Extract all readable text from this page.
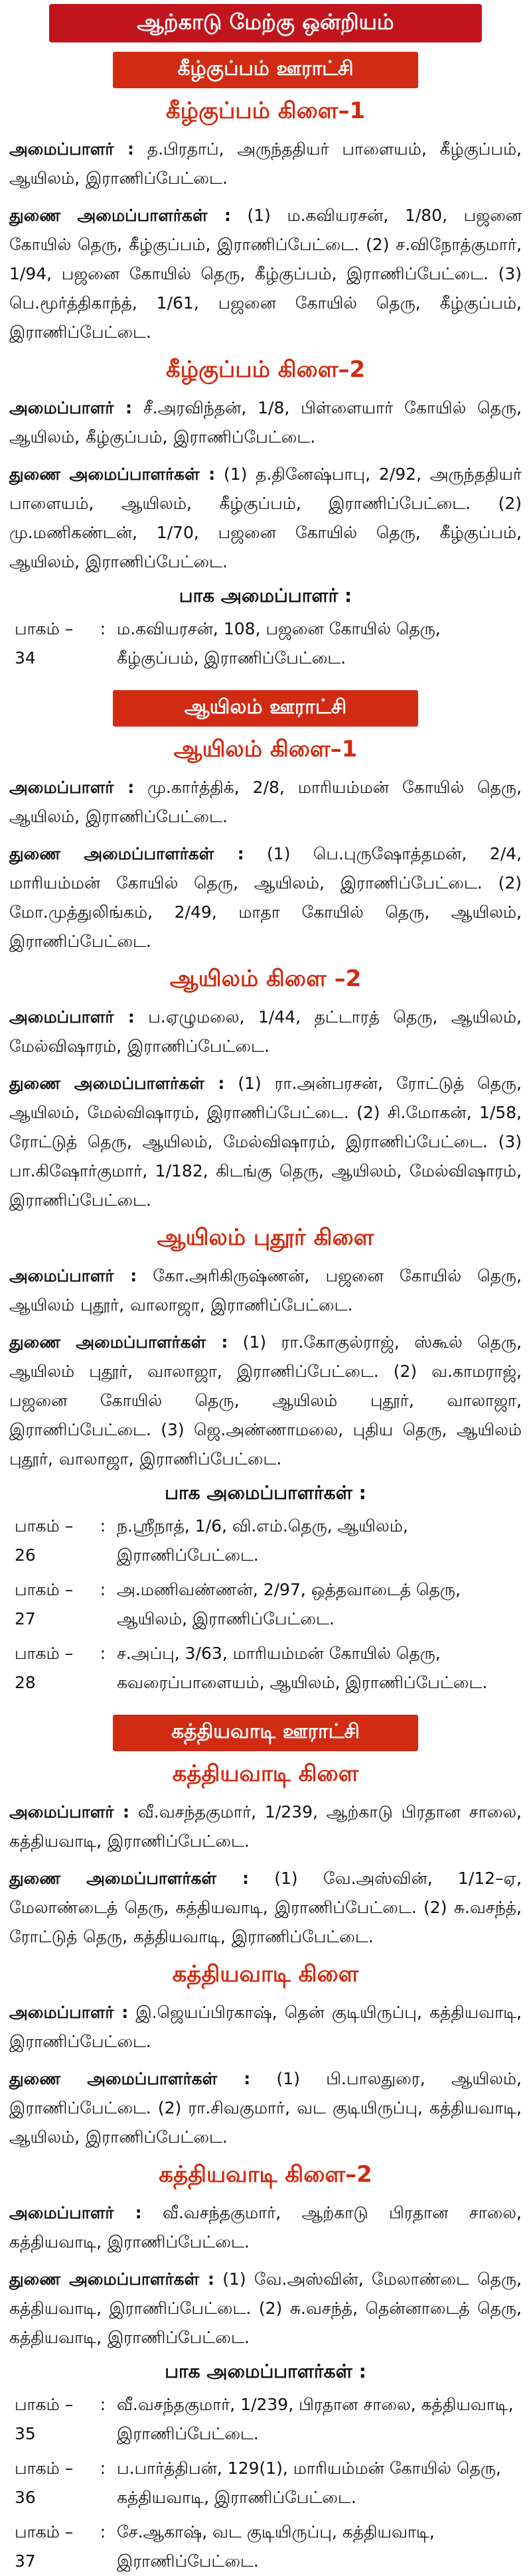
ஆற்காடு மேற்கு ஒன்றியம்
கீழ்குப்பம் ஊராட்சி
கீழ்குப்பம் கிளை–1
அமைப்பாளர் : த.பிரதாப், அருந்ததியர் பாளையம், கீழ்குப்பம், ஆயிலம், இராணிப்பேட்டை.
துணை அமைப்பாளர்கள் : (1) ம.கவியரசன், 1/80, பஜனை கோயில் தெரு, கீழ்குப்பம், இராணிப்பேட்டை. (2) ச.விநோத்குமார், 1/94, பஜனை கோயில் தெரு, கீழ்குப்பம், இராணிப்பேட்டை. (3) பெ.மூர்த்திகாந்த், 1/61, பஜனை கோயில் தெரு, கீழ்குப்பம், இராணிப்பேட்டை.
கீழ்குப்பம் கிளை–2
அமைப்பாளர் : சீ.அரவிந்தன், 1/8, பிள்ளையார் கோயில் தெரு, ஆயிலம், கீழ்குப்பம், இராணிப்பேட்டை.
துணை அமைப்பாளர்கள் : (1) த.தினேஷ்பாபு, 2/92, அருந்ததியர் பாளையம், ஆயிலம், கீழ்குப்பம், இராணிப்பேட்டை. (2) மு.மணிகண்டன், 1/70, பஜனை கோயில் தெரு, கீழ்குப்பம், ஆயிலம், இராணிப்பேட்டை.
பாக அமைப்பாளர் :
பாகம் – 34
: ம.கவியரசன், 108, பஜனை கோயில் தெரு, கீழ்குப்பம், இராணிப்பேட்டை.
ஆயிலம் ஊராட்சி
ஆயிலம் கிளை–1
அமைப்பாளர் : மு.கார்த்திக், 2/8, மாரியம்மன் கோயில் தெரு, ஆயிலம், இராணிப்பேட்டை.
துணை அமைப்பாளர்கள் : (1) பெ.புருஷோத்தமன், 2/4, மாரியம்மன் கோயில் தெரு, ஆயிலம், இராணிப்பேட்டை. (2) மோ.முத்துலிங்கம், 2/49, மாதா கோயில் தெரு, ஆயிலம், இராணிப்பேட்டை.
ஆயிலம் கிளை –2
அமைப்பாளர் : ப.ஏழுமலை, 1/44, தட்டாரத் தெரு, ஆயிலம், மேல்விஷாரம், இராணிப்பேட்டை.
துணை அமைப்பாளர்கள் : (1) ரா.அன்பரசன், ரோட்டுத் தெரு, ஆயிலம், மேல்விஷாரம், இராணிப்பேட்டை. (2) சி.மோகன், 1/58, ரோட்டுத் தெரு, ஆயிலம், மேல்விஷாரம், இராணிப்பேட்டை. (3) பா.கிஷோர்குமார், 1/182, கிடங்கு தெரு, ஆயிலம், மேல்விஷாரம், இராணிப்பேட்டை.
ஆயிலம் புதூர் கிளை
அமைப்பாளர் : கோ.அரிகிருஷ்ணன், பஜனை கோயில் தெரு, ஆயிலம் புதூர், வாலாஜா, இராணிப்பேட்டை.
துணை அமைப்பாளர்கள் : (1) ரா.கோகுல்ராஜ், ஸ்கூல் தெரு, ஆயிலம் புதூர், வாலாஜா, இராணிப்பேட்டை. (2) வ.காமராஜ், பஜனை கோயில் தெரு, ஆயிலம் புதூர், வாலாஜா, இராணிப்பேட்டை. (3) ஜெ.அண்ணாமலை, புதிய தெரு, ஆயிலம் புதூர், வாலாஜா, இராணிப்பேட்டை.
பாக அமைப்பாளர்கள் :
பாகம் – 26
: ந.ஸ்ரீநாத், 1/6, வி.எம்.தெரு, ஆயிலம், இராணிப்பேட்டை.
பாகம் – 27
: அ.மணிவண்ணன், 2/97, ஒத்தவாடைத் தெரு, ஆயிலம், இராணிப்பேட்டை.
பாகம் – 28
: ச.அப்பு, 3/63, மாரியம்மன் கோயில் தெரு, கவரைப்பாளையம், ஆயிலம், இராணிப்பேட்டை.
கத்தியவாடி ஊராட்சி
கத்தியவாடி கிளை
அமைப்பாளர் : வீ.வசந்தகுமார், 1/239, ஆற்காடு பிரதான சாலை, கத்தியவாடி, இராணிப்பேட்டை.
துணை அமைப்பாளர்கள் : (1) வே.அஸ்வின், 1/12–ஏ, மேலாண்டைத் தெரு, கத்தியவாடி, இராணிப்பேட்டை. (2) சு.வசந்த், ரோட்டுத் தெரு, கத்தியவாடி, இராணிப்பேட்டை.
கத்தியவாடி கிளை
அமைப்பாளர் : இ.ஜெயப்பிரகாஷ், தென் குடியிருப்பு, கத்தியவாடி, இராணிப்பேட்டை.
துணை அமைப்பாளர்கள் : (1) பி.பாலதுரை, ஆயிலம், இராணிப்பேட்டை. (2) ரா.சிவகுமார், வட குடியிருப்பு, கத்தியவாடி, ஆயிலம், இராணிப்பேட்டை.
கத்தியவாடி கிளை–2
அமைப்பாளர் : வீ.வசந்தகுமார், ஆற்காடு பிரதான சாலை, கத்தியவாடி, இராணிப்பேட்டை.
துணை அமைப்பாளர்கள் : (1) வே.அஸ்வின், மேலாண்டை தெரு, கத்தியவாடி, இராணிப்பேட்டை. (2) சு.வசந்த், தென்னாடைத் தெரு, கத்தியவாடி, இராணிப்பேட்டை.
பாக அமைப்பாளர்கள் :
பாகம் – 35
: வீ.வசந்தகுமார், 1/239, பிரதான சாலை, கத்தியவாடி, இராணிப்பேட்டை.
பாகம் – 36
: ப.பார்த்திபன், 129(1), மாரியம்மன் கோயில் தெரு, கத்தியவாடி, இராணிப்பேட்டை.
பாகம் – 37
: சே.ஆகாஷ், வட குடியிருப்பு, கத்தியவாடி, இராணிப்பேட்டை.
